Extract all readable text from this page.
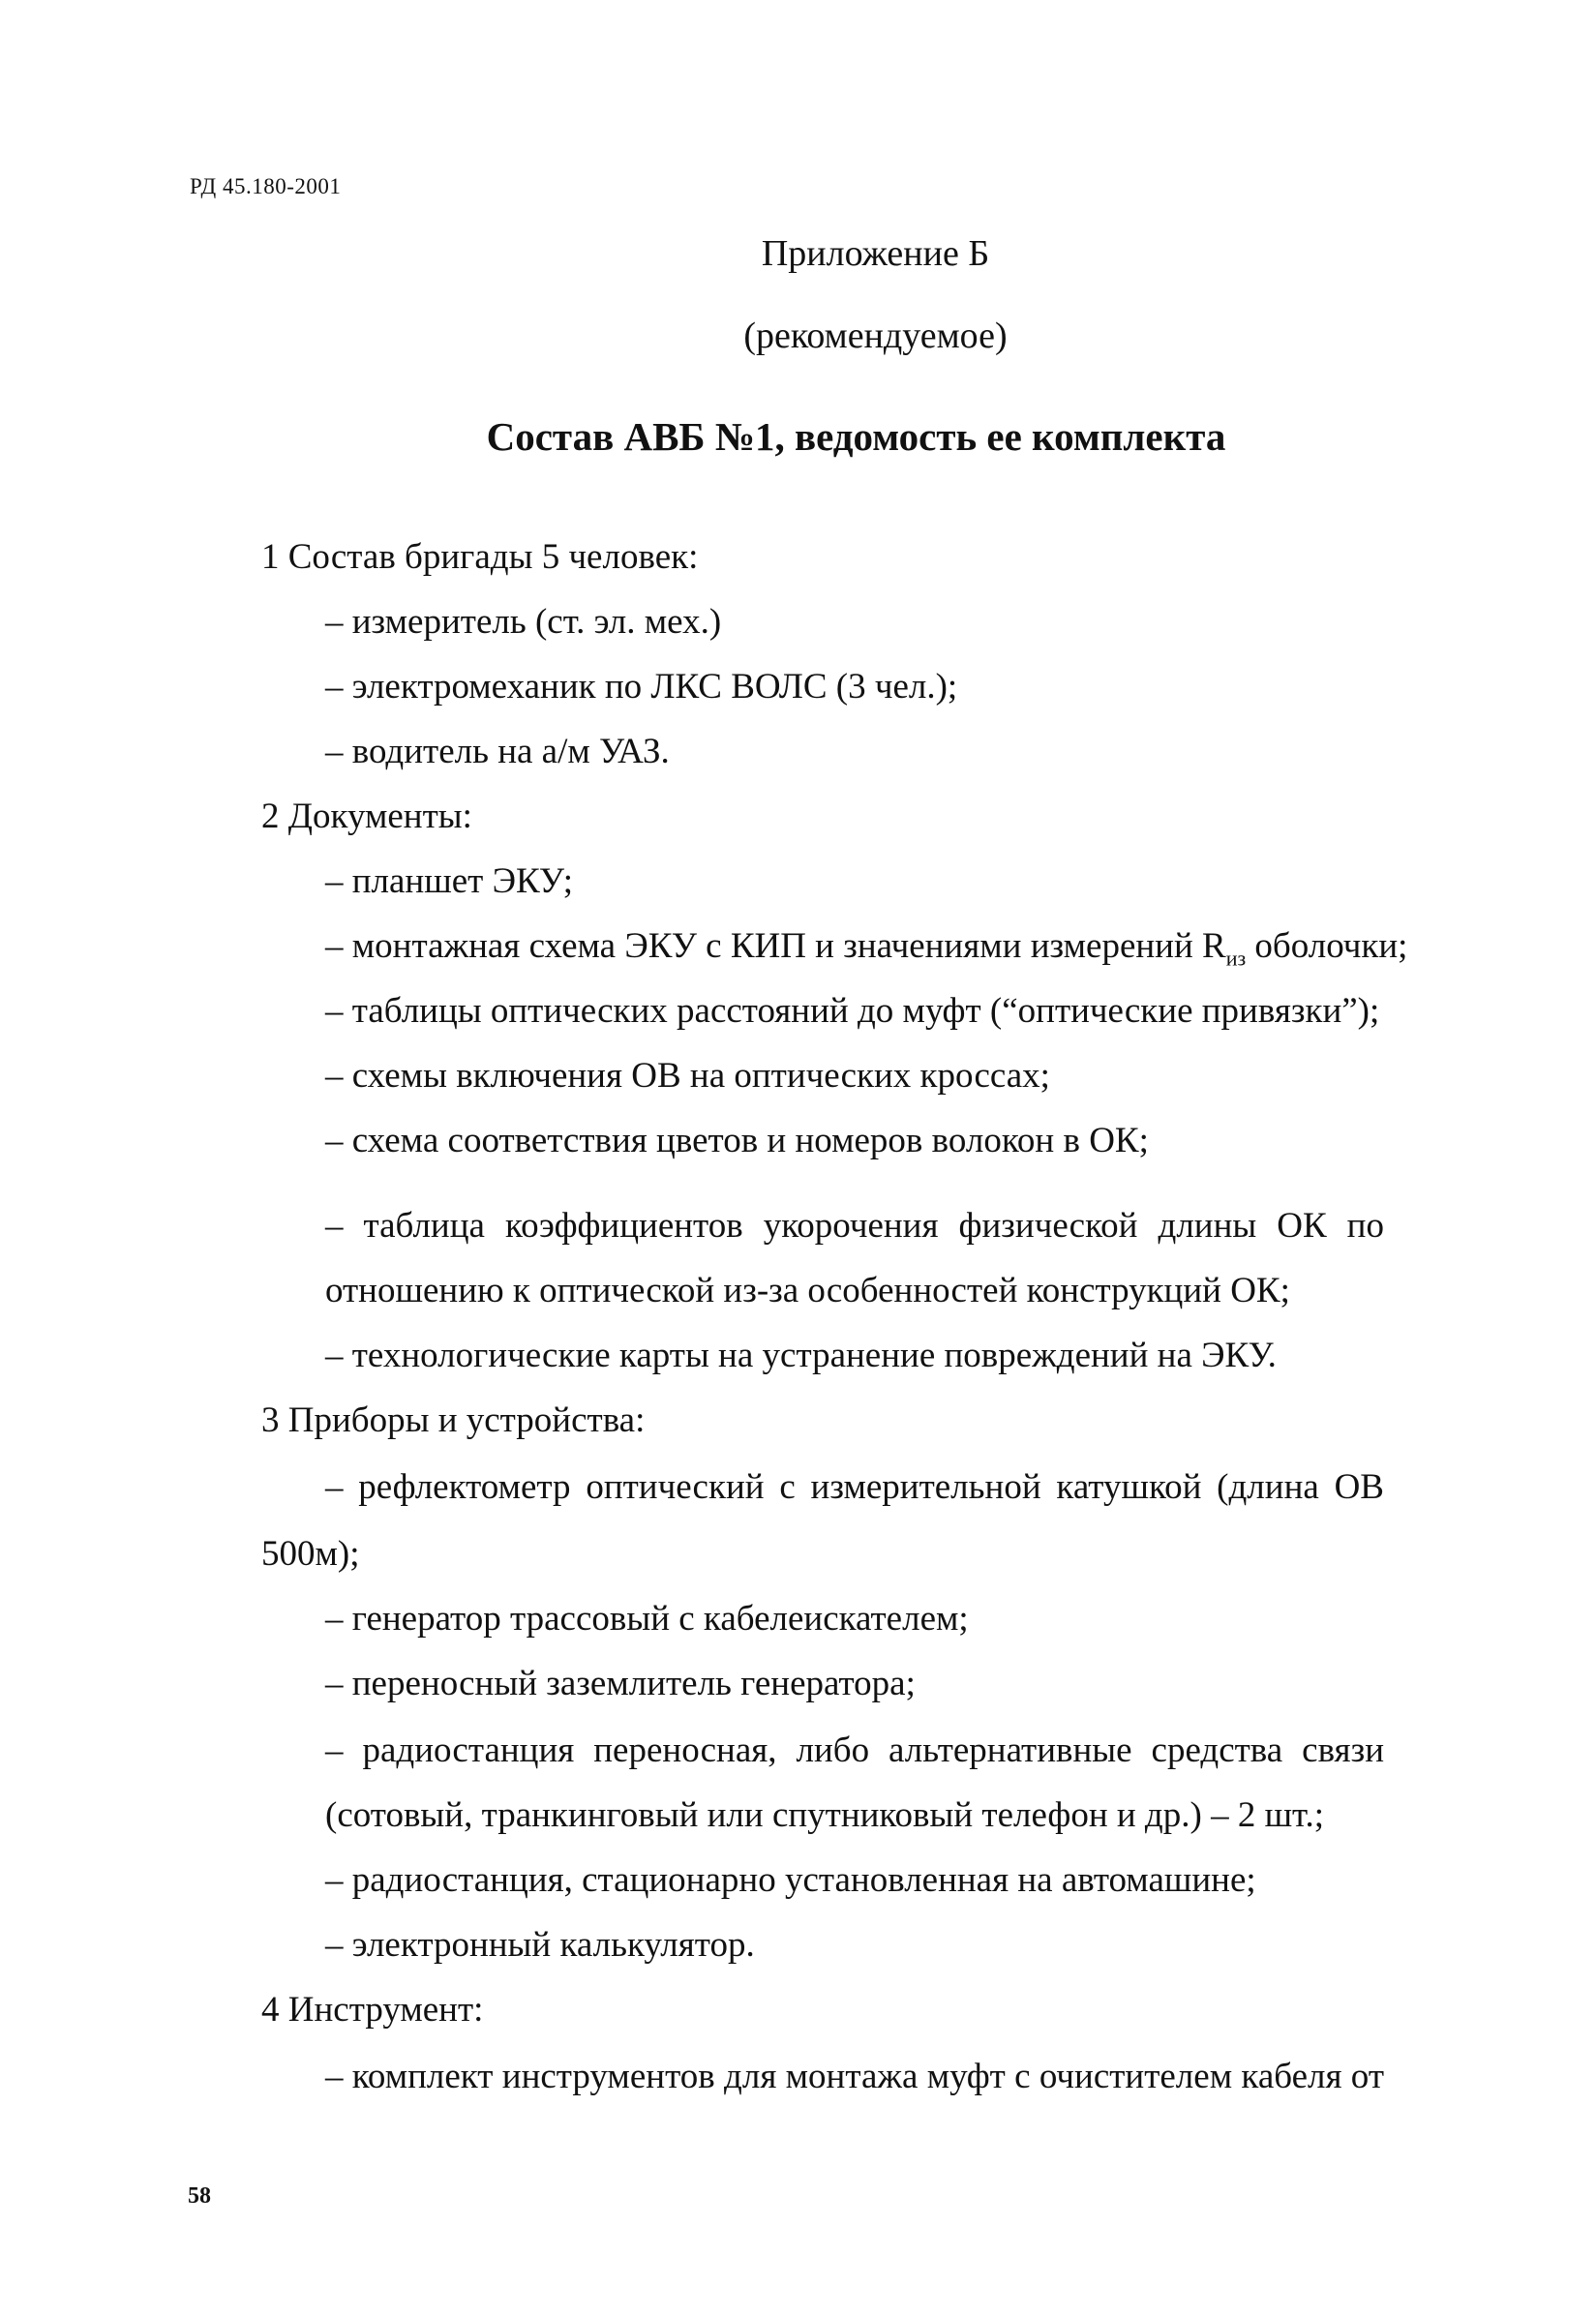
РД 45.180-2001
Приложение Б
(рекомендуемое)
Состав АВБ №1, ведомость ее комплекта
1 Состав бригады 5 человек:
– измеритель (ст. эл. мех.)
– электромеханик по ЛКС ВОЛС (3 чел.);
– водитель на а/м УАЗ.
2 Документы:
– планшет ЭКУ;
– монтажная схема ЭКУ с КИП и значениями измерений $R_{из}$ оболочки;
– таблицы оптических расстояний до муфт (“оптические привязки”);
– схемы включения ОВ на оптических кроссах;
– схема соответствия цветов и номеров волокон в ОК;
– таблица коэффициентов укорочения физической длины ОК по
отношению к оптической из-за особенностей конструкций ОК;
– технологические карты на устранение повреждений на ЭКУ.
3 Приборы и устройства:
– рефлектометр оптический с измерительной катушкой (длина ОВ
500м);
– генератор трассовый с кабелеискателем;
– переносный заземлитель генератора;
– радиостанция переносная, либо альтернативные средства связи
(сотовый, транкинговый или спутниковый телефон и др.) – 2 шт.;
– радиостанция, стационарно установленная на автомашине;
– электронный калькулятор.
4 Инструмент:
– комплект инструментов для монтажа муфт с очистителем кабеля от
58
